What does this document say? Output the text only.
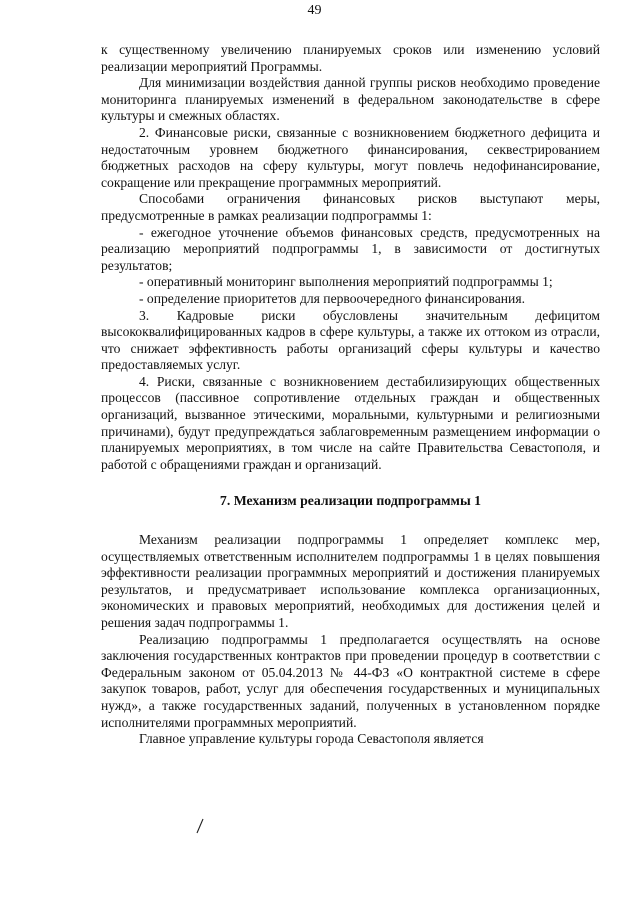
49

к существенному увеличению планируемых сроков или изменению условий реализации мероприятий Программы.

Для минимизации воздействия данной группы рисков необходимо проведение мониторинга планируемых изменений в федеральном законодательстве в сфере культуры и смежных областях.

2. Финансовые риски, связанные с возникновением бюджетного дефицита и недостаточным уровнем бюджетного финансирования, секвестрированием бюджетных расходов на сферу культуры, могут повлечь недофинансирование, сокращение или прекращение программных мероприятий.

Способами ограничения финансовых рисков выступают меры, предусмотренные в рамках реализации подпрограммы 1:

- ежегодное уточнение объемов финансовых средств, предусмотренных на реализацию мероприятий подпрограммы 1, в зависимости от достигнутых результатов;

- оперативный мониторинг выполнения мероприятий подпрограммы 1;

- определение приоритетов для первоочередного финансирования.

3. Кадровые риски обусловлены значительным дефицитом высококвалифицированных кадров в сфере культуры, а также их оттоком из отрасли, что снижает эффективность работы организаций сферы культуры и качество предоставляемых услуг.

4. Риски, связанные с возникновением дестабилизирующих общественных процессов (пассивное сопротивление отдельных граждан и общественных организаций, вызванное этическими, моральными, культурными и религиозными причинами), будут предупреждаться заблаговременным размещением информации о планируемых мероприятиях, в том числе на сайте Правительства Севастополя, и работой с обращениями граждан и организаций.

7. Механизм реализации подпрограммы 1

Механизм реализации подпрограммы 1 определяет комплекс мер, осуществляемых ответственным исполнителем подпрограммы 1 в целях повышения эффективности реализации программных мероприятий и достижения планируемых результатов, и предусматривает использование комплекса организационных, экономических и правовых мероприятий, необходимых для достижения целей и решения задач подпрограммы 1.

Реализацию подпрограммы 1 предполагается осуществлять на основе заключения государственных контрактов при проведении процедур в соответствии с Федеральным законом от 05.04.2013 № 44-ФЗ «О контрактной системе в сфере закупок товаров, работ, услуг для обеспечения государственных и муниципальных нужд», а также государственных заданий, полученных в установленном порядке исполнителями программных мероприятий.

Главное управление культуры города Севастополя является
